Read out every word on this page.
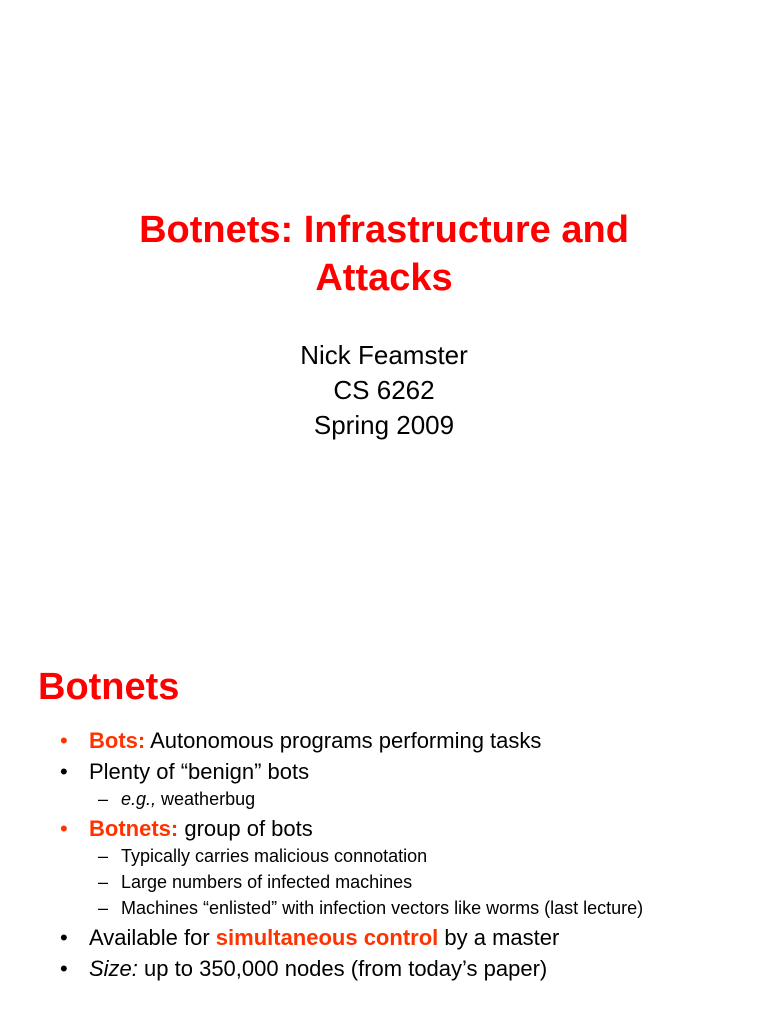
Botnets: Infrastructure and
Attacks
Nick Feamster
CS 6262
Spring 2009
Botnets
• Bots: Autonomous programs performing tasks
• Plenty of “benign” bots
– e.g., weatherbug
• Botnets: group of bots
– Typically carries malicious connotation
– Large numbers of infected machines
– Machines “enlisted” with infection vectors like worms (last lecture)
• Available for simultaneous control by a master
• Size: up to 350,000 nodes (from today’s paper)
